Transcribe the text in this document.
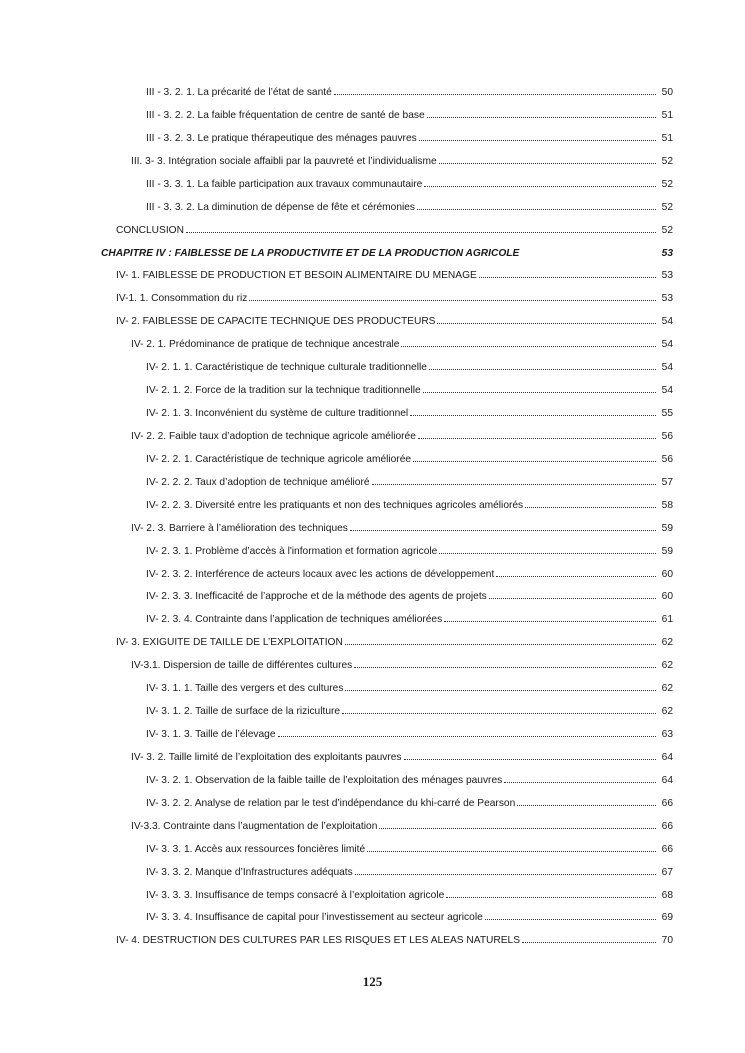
III - 3. 2. 1. La précarité de l’état de santé	50
III - 3. 2. 2. La faible fréquentation de centre de santé de base	51
III - 3. 2. 3. Le pratique thérapeutique des ménages pauvres	51
III. 3- 3. Intégration sociale affaibli par la pauvreté et l’individualisme	52
III - 3. 3. 1. La faible participation aux travaux communautaire	52
III - 3. 3. 2. La diminution de dépense de fête et cérémonies	52
CONCLUSION	52
CHAPITRE IV : FAIBLESSE DE LA PRODUCTIVITE ET DE LA PRODUCTION AGRICOLE	53
IV- 1. FAIBLESSE DE PRODUCTION ET BESOIN ALIMENTAIRE DU MENAGE	53
IV-1. 1. Consommation du riz	53
IV- 2. FAIBLESSE DE CAPACITE TECHNIQUE DES PRODUCTEURS	54
IV- 2. 1. Prédominance de pratique de technique ancestrale	54
IV- 2. 1. 1. Caractéristique de technique culturale traditionnelle	54
IV- 2. 1. 2. Force de la tradition sur la technique traditionnelle	54
IV- 2. 1. 3. Inconvénient du système de culture traditionnel	55
IV- 2. 2. Faible taux d’adoption de technique agricole améliorée	56
IV- 2. 2. 1. Caractéristique de technique agricole améliorée	56
IV- 2. 2. 2. Taux d’adoption de technique amélioré	57
IV- 2. 2. 3. Diversité entre les pratiquants et non des techniques agricoles améliorés	58
IV- 2. 3. Barriere à l’amélioration des techniques	59
IV- 2. 3. 1. Problème d’accès à l'information et formation agricole	59
IV- 2. 3. 2. Interférence de acteurs locaux avec les actions de développement	60
IV- 2. 3. 3. Inefficacité de l’approche et de la méthode des agents de projets	60
IV- 2. 3. 4. Contrainte dans l’application de techniques améliorées	61
IV- 3. EXIGUITE DE TAILLE DE L’EXPLOITATION	62
IV-3.1. Dispersion de taille de différentes cultures	62
IV- 3. 1. 1. Taille des vergers et des cultures	62
IV- 3. 1. 2. Taille de surface de la riziculture	62
IV- 3. 1. 3. Taille de l’élevage	63
IV- 3. 2. Taille limité de l’exploitation des exploitants pauvres	64
IV- 3. 2. 1. Observation de la faible taille de l’exploitation des ménages pauvres	64
IV- 3. 2. 2. Analyse de relation par le test d’indépendance du khi-carré de Pearson	66
IV-3.3. Contrainte dans l’augmentation de l’exploitation	66
IV- 3. 3. 1. Accès aux ressources foncières limité	66
IV- 3. 3. 2. Manque d’Infrastructures adéquats	67
IV- 3. 3. 3. Insuffisance de temps consacré à l’exploitation agricole	68
IV- 3. 3. 4. Insuffisance de capital pour l’investissement au secteur agricole	69
IV- 4. DESTRUCTION DES CULTURES PAR LES RISQUES ET LES ALEAS NATURELS	70
125
